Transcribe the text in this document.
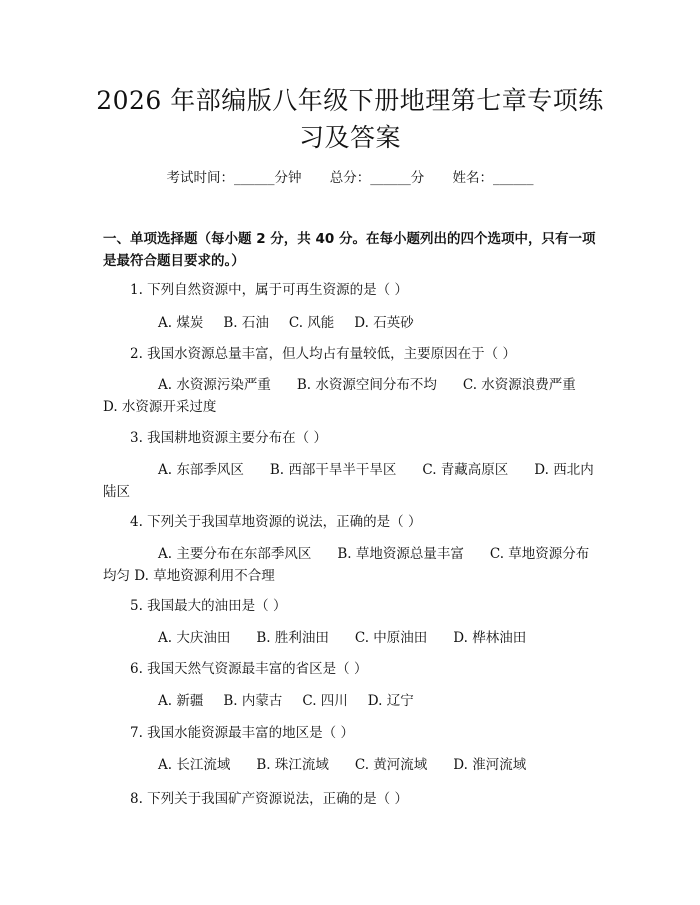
2026 年部编版八年级下册地理第七章专项练
习及答案
考试时间：______分钟 总分：______分 姓名：______
一、单项选择题（每小题 2 分，共 40 分。在每小题列出的四个选项中，只有一项是最符合题目要求的。）
1. 下列自然资源中，属于可再生资源的是（ ）
A. 煤炭 B. 石油 C. 风能 D. 石英砂
2. 我国水资源总量丰富，但人均占有量较低，主要原因在于（ ）
A. 水资源污染严重 B. 水资源空间分布不均 C. 水资源浪费严重
D. 水资源开采过度
3. 我国耕地资源主要分布在（ ）
A. 东部季风区 B. 西部干旱半干旱区 C. 青藏高原区 D. 西北内陆区
4. 下列关于我国草地资源的说法，正确的是（ ）
A. 主要分布在东部季风区 B. 草地资源总量丰富 C. 草地资源分布均匀 D. 草地资源利用不合理
5. 我国最大的油田是（ ）
A. 大庆油田 B. 胜利油田 C. 中原油田 D. 桦林油田
6. 我国天然气资源最丰富的省区是（ ）
A. 新疆 B. 内蒙古 C. 四川 D. 辽宁
7. 我国水能资源最丰富的地区是（ ）
A. 长江流域 B. 珠江流域 C. 黄河流域 D. 淮河流域
8. 下列关于我国矿产资源说法，正确的是（ ）
